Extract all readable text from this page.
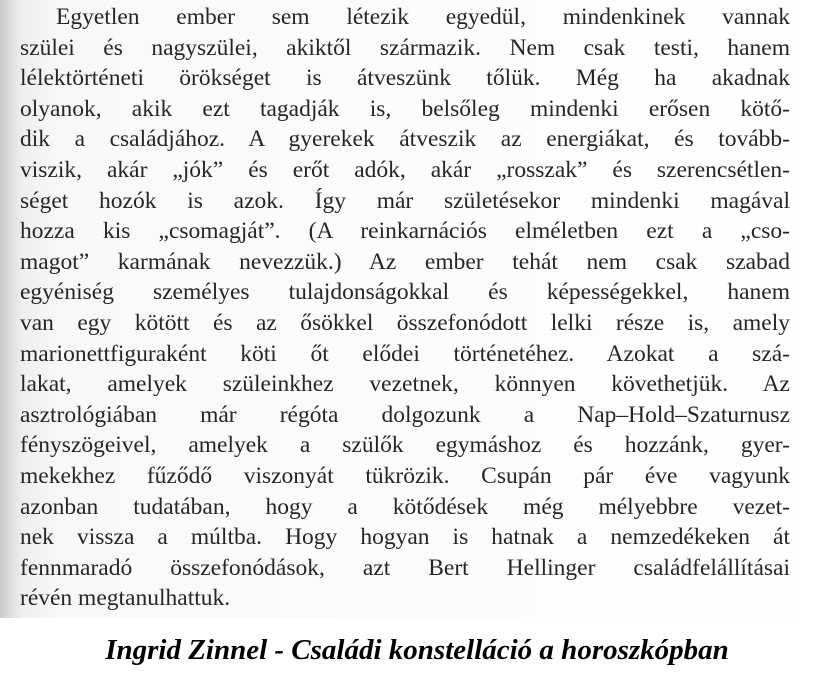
Egyetlen ember sem létezik egyedül, mindenkinek vannak
szülei és nagyszülei, akiktől származik. Nem csak testi, hanem
lélektörténeti örökséget is átveszünk tőlük. Még ha akadnak
olyanok, akik ezt tagadják is, belsőleg mindenki erősen kötő-
dik a családjához. A gyerekek átveszik az energiákat, és tovább-
viszik, akár „jók” és erőt adók, akár „rosszak” és szerencsétlen-
séget hozók is azok. Így már születésekor mindenki magával
hozza kis „csomagját”. (A reinkarnációs elméletben ezt a „cso-
magot” karmának nevezzük.) Az ember tehát nem csak szabad
egyéniség személyes tulajdonságokkal és képességekkel, hanem
van egy kötött és az ősökkel összefonódott lelki része is, amely
marionettfiguraként köti őt elődei történetéhez. Azokat a szá-
lakat, amelyek szüleinkhez vezetnek, könnyen követhetjük. Az
asztrológiában már régóta dolgozunk a Nap–Hold–Szaturnusz
fényszögeivel, amelyek a szülők egymáshoz és hozzánk, gyer-
mekekhez fűződő viszonyát tükrözik. Csupán pár éve vagyunk
azonban tudatában, hogy a kötődések még mélyebbre vezet-
nek vissza a múltba. Hogy hogyan is hatnak a nemzedékeken át
fennmaradó összefonódások, azt Bert Hellinger családfelállításai
révén megtanulhattuk.
Ingrid Zinnel - Családi konstelláció a horoszkópban
